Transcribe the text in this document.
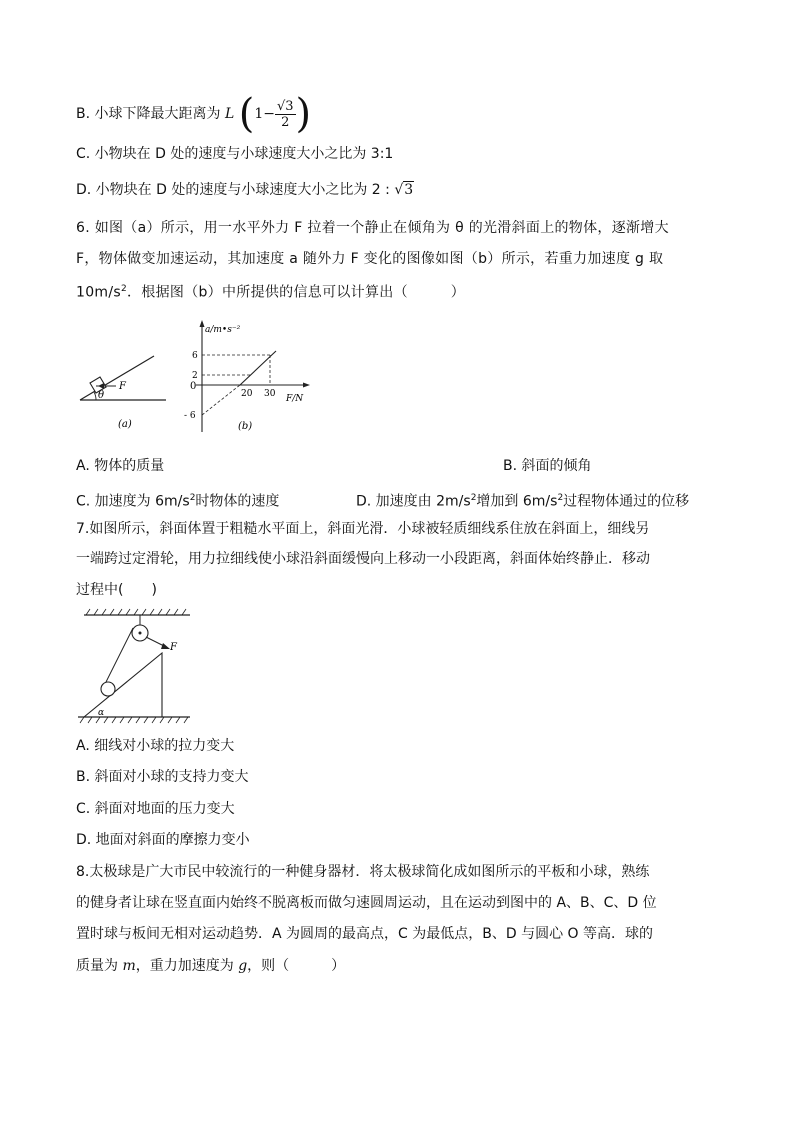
B. 小球下降最大距离为 L ($1- \frac{√3}{2}$ )
C. 小物块在 D 处的速度与小球速度大小之比为 3:1
D. 小物块在 D 处的速度与小球速度大小之比为 2 : √3
6. 如图（a）所示，用一水平外力 F 拉着一个静止在倾角为 θ 的光滑斜面上的物体，逐渐增大
F，物体做变加速运动，其加速度 a 随外力 F 变化的图像如图（b）所示，若重力加速度 g 取
$10m/s^2$．根据图（b）中所提供的信息可以计算出（　　　）
F
θ
(a)
a/m•s⁻²
F/N
6
2
0
- 6
20 30
(b)
A. 物体的质量	B. 斜面的倾角
C. 加速度为 $6m/s^2$时物体的速度	D. 加速度由 $2m/s^2$增加到 $6m/s^2$过程物体通过的位移
7.如图所示，斜面体置于粗糙水平面上，斜面光滑．小球被轻质细线系住放在斜面上，细线另
一端跨过定滑轮，用力拉细线使小球沿斜面缓慢向上移动一小段距离，斜面体始终静止．移动
过程中(　　)
F
α
A. 细线对小球的拉力变大
B. 斜面对小球的支持力变大
C. 斜面对地面的压力变大
D. 地面对斜面的摩擦力变小
8.太极球是广大市民中较流行的一种健身器材．将太极球简化成如图所示的平板和小球，熟练
的健身者让球在竖直面内始终不脱离板而做匀速圆周运动，且在运动到图中的 A、B、C、D 位
置时球与板间无相对运动趋势．A 为圆周的最高点，C 为最低点，B、D 与圆心 O 等高．球的
质量为 m，重力加速度为 g，则（　　　）
